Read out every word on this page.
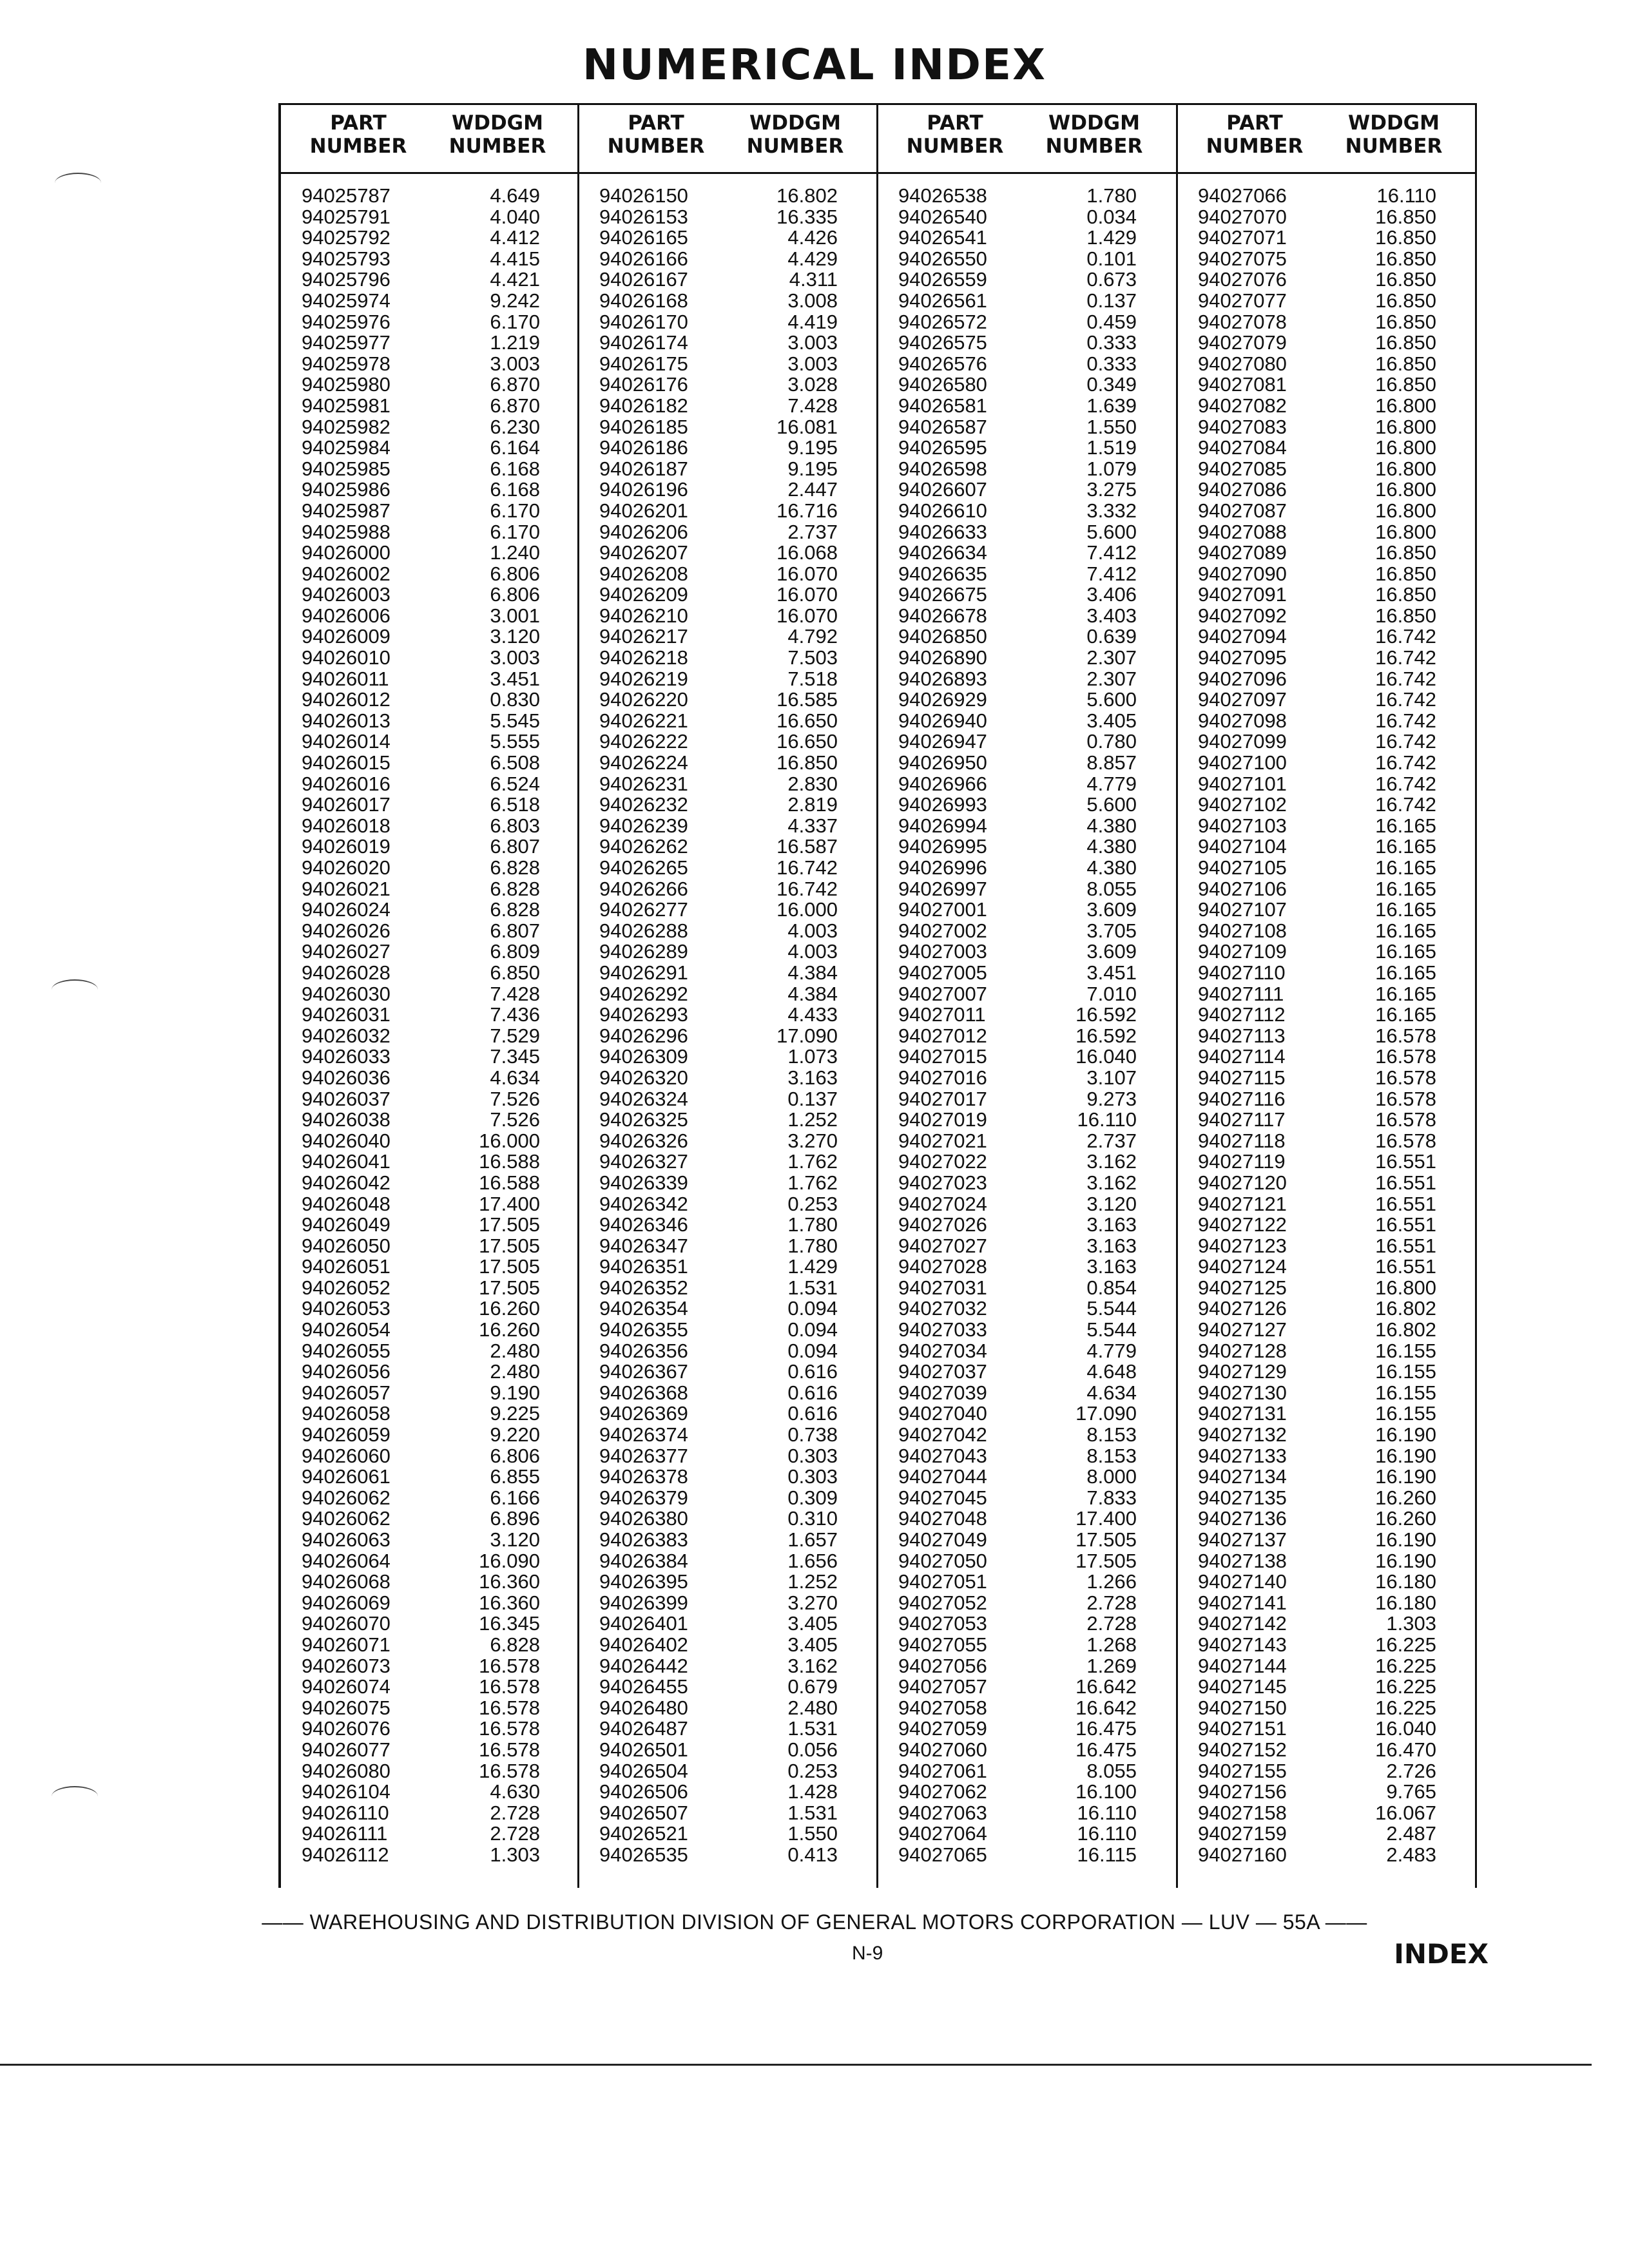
NUMERICAL INDEX
PART
NUMBER
WDDGM
NUMBER
94025787	4.649
94025791	4.040
94025792	4.412
94025793	4.415
94025796	4.421
94025974	9.242
94025976	6.170
94025977	1.219
94025978	3.003
94025980	6.870
94025981	6.870
94025982	6.230
94025984	6.164
94025985	6.168
94025986	6.168
94025987	6.170
94025988	6.170
94026000	1.240
94026002	6.806
94026003	6.806
94026006	3.001
94026009	3.120
94026010	3.003
94026011	3.451
94026012	0.830
94026013	5.545
94026014	5.555
94026015	6.508
94026016	6.524
94026017	6.518
94026018	6.803
94026019	6.807
94026020	6.828
94026021	6.828
94026024	6.828
94026026	6.807
94026027	6.809
94026028	6.850
94026030	7.428
94026031	7.436
94026032	7.529
94026033	7.345
94026036	4.634
94026037	7.526
94026038	7.526
94026040	16.000
94026041	16.588
94026042	16.588
94026048	17.400
94026049	17.505
94026050	17.505
94026051	17.505
94026052	17.505
94026053	16.260
94026054	16.260
94026055	2.480
94026056	2.480
94026057	9.190
94026058	9.225
94026059	9.220
94026060	6.806
94026061	6.855
94026062	6.166
94026062	6.896
94026063	3.120
94026064	16.090
94026068	16.360
94026069	16.360
94026070	16.345
94026071	6.828
94026073	16.578
94026074	16.578
94026075	16.578
94026076	16.578
94026077	16.578
94026080	16.578
94026104	4.630
94026110	2.728
94026111	2.728
94026112	1.303
PART
NUMBER
WDDGM
NUMBER
94026150	16.802
94026153	16.335
94026165	4.426
94026166	4.429
94026167	4.311
94026168	3.008
94026170	4.419
94026174	3.003
94026175	3.003
94026176	3.028
94026182	7.428
94026185	16.081
94026186	9.195
94026187	9.195
94026196	2.447
94026201	16.716
94026206	2.737
94026207	16.068
94026208	16.070
94026209	16.070
94026210	16.070
94026217	4.792
94026218	7.503
94026219	7.518
94026220	16.585
94026221	16.650
94026222	16.650
94026224	16.850
94026231	2.830
94026232	2.819
94026239	4.337
94026262	16.587
94026265	16.742
94026266	16.742
94026277	16.000
94026288	4.003
94026289	4.003
94026291	4.384
94026292	4.384
94026293	4.433
94026296	17.090
94026309	1.073
94026320	3.163
94026324	0.137
94026325	1.252
94026326	3.270
94026327	1.762
94026339	1.762
94026342	0.253
94026346	1.780
94026347	1.780
94026351	1.429
94026352	1.531
94026354	0.094
94026355	0.094
94026356	0.094
94026367	0.616
94026368	0.616
94026369	0.616
94026374	0.738
94026377	0.303
94026378	0.303
94026379	0.309
94026380	0.310
94026383	1.657
94026384	1.656
94026395	1.252
94026399	3.270
94026401	3.405
94026402	3.405
94026442	3.162
94026455	0.679
94026480	2.480
94026487	1.531
94026501	0.056
94026504	0.253
94026506	1.428
94026507	1.531
94026521	1.550
94026535	0.413
PART
NUMBER
WDDGM
NUMBER
94026538	1.780
94026540	0.034
94026541	1.429
94026550	0.101
94026559	0.673
94026561	0.137
94026572	0.459
94026575	0.333
94026576	0.333
94026580	0.349
94026581	1.639
94026587	1.550
94026595	1.519
94026598	1.079
94026607	3.275
94026610	3.332
94026633	5.600
94026634	7.412
94026635	7.412
94026675	3.406
94026678	3.403
94026850	0.639
94026890	2.307
94026893	2.307
94026929	5.600
94026940	3.405
94026947	0.780
94026950	8.857
94026966	4.779
94026993	5.600
94026994	4.380
94026995	4.380
94026996	4.380
94026997	8.055
94027001	3.609
94027002	3.705
94027003	3.609
94027005	3.451
94027007	7.010
94027011	16.592
94027012	16.592
94027015	16.040
94027016	3.107
94027017	9.273
94027019	16.110
94027021	2.737
94027022	3.162
94027023	3.162
94027024	3.120
94027026	3.163
94027027	3.163
94027028	3.163
94027031	0.854
94027032	5.544
94027033	5.544
94027034	4.779
94027037	4.648
94027039	4.634
94027040	17.090
94027042	8.153
94027043	8.153
94027044	8.000
94027045	7.833
94027048	17.400
94027049	17.505
94027050	17.505
94027051	1.266
94027052	2.728
94027053	2.728
94027055	1.268
94027056	1.269
94027057	16.642
94027058	16.642
94027059	16.475
94027060	16.475
94027061	8.055
94027062	16.100
94027063	16.110
94027064	16.110
94027065	16.115
PART
NUMBER
WDDGM
NUMBER
94027066	16.110
94027070	16.850
94027071	16.850
94027075	16.850
94027076	16.850
94027077	16.850
94027078	16.850
94027079	16.850
94027080	16.850
94027081	16.850
94027082	16.800
94027083	16.800
94027084	16.800
94027085	16.800
94027086	16.800
94027087	16.800
94027088	16.800
94027089	16.850
94027090	16.850
94027091	16.850
94027092	16.850
94027094	16.742
94027095	16.742
94027096	16.742
94027097	16.742
94027098	16.742
94027099	16.742
94027100	16.742
94027101	16.742
94027102	16.742
94027103	16.165
94027104	16.165
94027105	16.165
94027106	16.165
94027107	16.165
94027108	16.165
94027109	16.165
94027110	16.165
94027111	16.165
94027112	16.165
94027113	16.578
94027114	16.578
94027115	16.578
94027116	16.578
94027117	16.578
94027118	16.578
94027119	16.551
94027120	16.551
94027121	16.551
94027122	16.551
94027123	16.551
94027124	16.551
94027125	16.800
94027126	16.802
94027127	16.802
94027128	16.155
94027129	16.155
94027130	16.155
94027131	16.155
94027132	16.190
94027133	16.190
94027134	16.190
94027135	16.260
94027136	16.260
94027137	16.190
94027138	16.190
94027140	16.180
94027141	16.180
94027142	1.303
94027143	16.225
94027144	16.225
94027145	16.225
94027150	16.225
94027151	16.040
94027152	16.470
94027155	2.726
94027156	9.765
94027158	16.067
94027159	2.487
94027160	2.483
—— WAREHOUSING AND DISTRIBUTION DIVISION OF GENERAL MOTORS CORPORATION — LUV — 55A ——
N-9	INDEX
